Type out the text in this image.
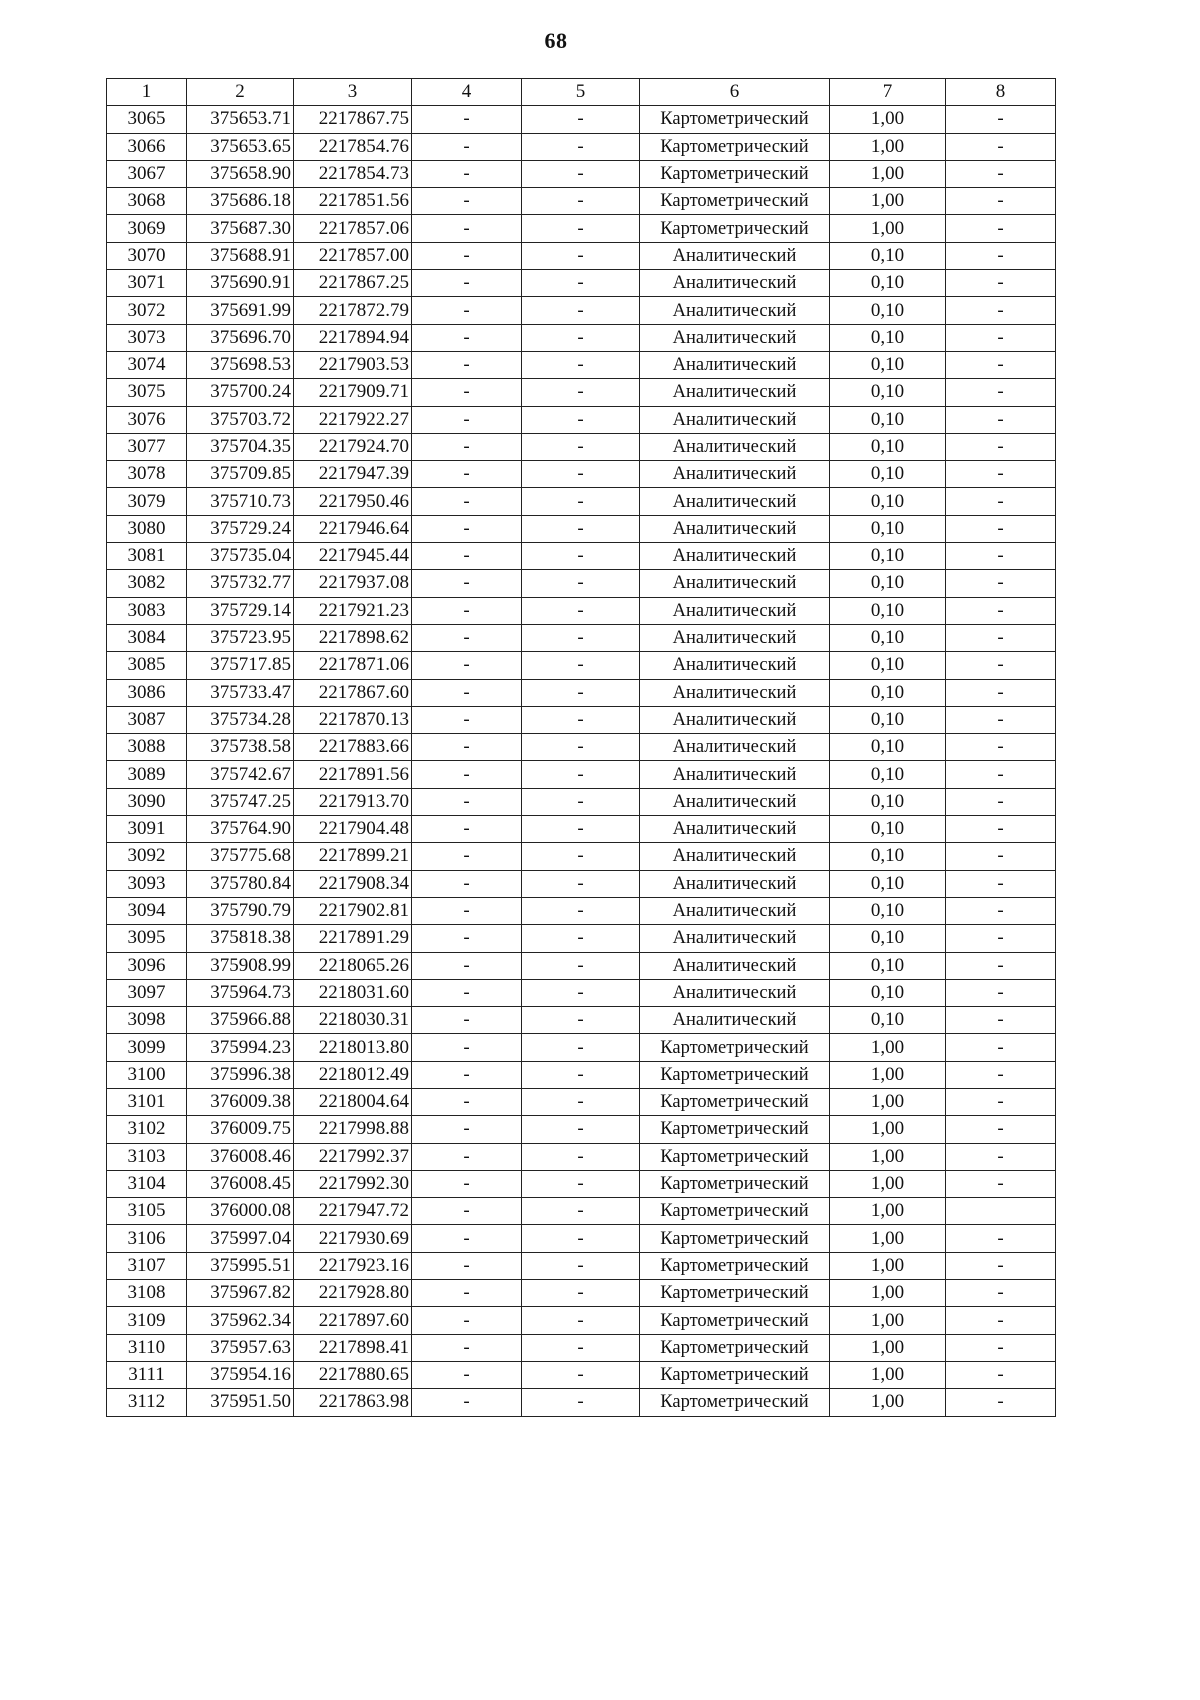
68
1	2	3	4	5	6	7	8
3065	375653.71	2217867.75	-	-	Картометрический	1,00	-
3066	375653.65	2217854.76	-	-	Картометрический	1,00	-
3067	375658.90	2217854.73	-	-	Картометрический	1,00	-
3068	375686.18	2217851.56	-	-	Картометрический	1,00	-
3069	375687.30	2217857.06	-	-	Картометрический	1,00	-
3070	375688.91	2217857.00	-	-	Аналитический	0,10	-
3071	375690.91	2217867.25	-	-	Аналитический	0,10	-
3072	375691.99	2217872.79	-	-	Аналитический	0,10	-
3073	375696.70	2217894.94	-	-	Аналитический	0,10	-
3074	375698.53	2217903.53	-	-	Аналитический	0,10	-
3075	375700.24	2217909.71	-	-	Аналитический	0,10	-
3076	375703.72	2217922.27	-	-	Аналитический	0,10	-
3077	375704.35	2217924.70	-	-	Аналитический	0,10	-
3078	375709.85	2217947.39	-	-	Аналитический	0,10	-
3079	375710.73	2217950.46	-	-	Аналитический	0,10	-
3080	375729.24	2217946.64	-	-	Аналитический	0,10	-
3081	375735.04	2217945.44	-	-	Аналитический	0,10	-
3082	375732.77	2217937.08	-	-	Аналитический	0,10	-
3083	375729.14	2217921.23	-	-	Аналитический	0,10	-
3084	375723.95	2217898.62	-	-	Аналитический	0,10	-
3085	375717.85	2217871.06	-	-	Аналитический	0,10	-
3086	375733.47	2217867.60	-	-	Аналитический	0,10	-
3087	375734.28	2217870.13	-	-	Аналитический	0,10	-
3088	375738.58	2217883.66	-	-	Аналитический	0,10	-
3089	375742.67	2217891.56	-	-	Аналитический	0,10	-
3090	375747.25	2217913.70	-	-	Аналитический	0,10	-
3091	375764.90	2217904.48	-	-	Аналитический	0,10	-
3092	375775.68	2217899.21	-	-	Аналитический	0,10	-
3093	375780.84	2217908.34	-	-	Аналитический	0,10	-
3094	375790.79	2217902.81	-	-	Аналитический	0,10	-
3095	375818.38	2217891.29	-	-	Аналитический	0,10	-
3096	375908.99	2218065.26	-	-	Аналитический	0,10	-
3097	375964.73	2218031.60	-	-	Аналитический	0,10	-
3098	375966.88	2218030.31	-	-	Аналитический	0,10	-
3099	375994.23	2218013.80	-	-	Картометрический	1,00	-
3100	375996.38	2218012.49	-	-	Картометрический	1,00	-
3101	376009.38	2218004.64	-	-	Картометрический	1,00	-
3102	376009.75	2217998.88	-	-	Картометрический	1,00	-
3103	376008.46	2217992.37	-	-	Картометрический	1,00	-
3104	376008.45	2217992.30	-	-	Картометрический	1,00	-
3105	376000.08	2217947.72	-	-	Картометрический	1,00	
3106	375997.04	2217930.69	-	-	Картометрический	1,00	-
3107	375995.51	2217923.16	-	-	Картометрический	1,00	-
3108	375967.82	2217928.80	-	-	Картометрический	1,00	-
3109	375962.34	2217897.60	-	-	Картометрический	1,00	-
3110	375957.63	2217898.41	-	-	Картометрический	1,00	-
3111	375954.16	2217880.65	-	-	Картометрический	1,00	-
3112	375951.50	2217863.98	-	-	Картометрический	1,00	-
